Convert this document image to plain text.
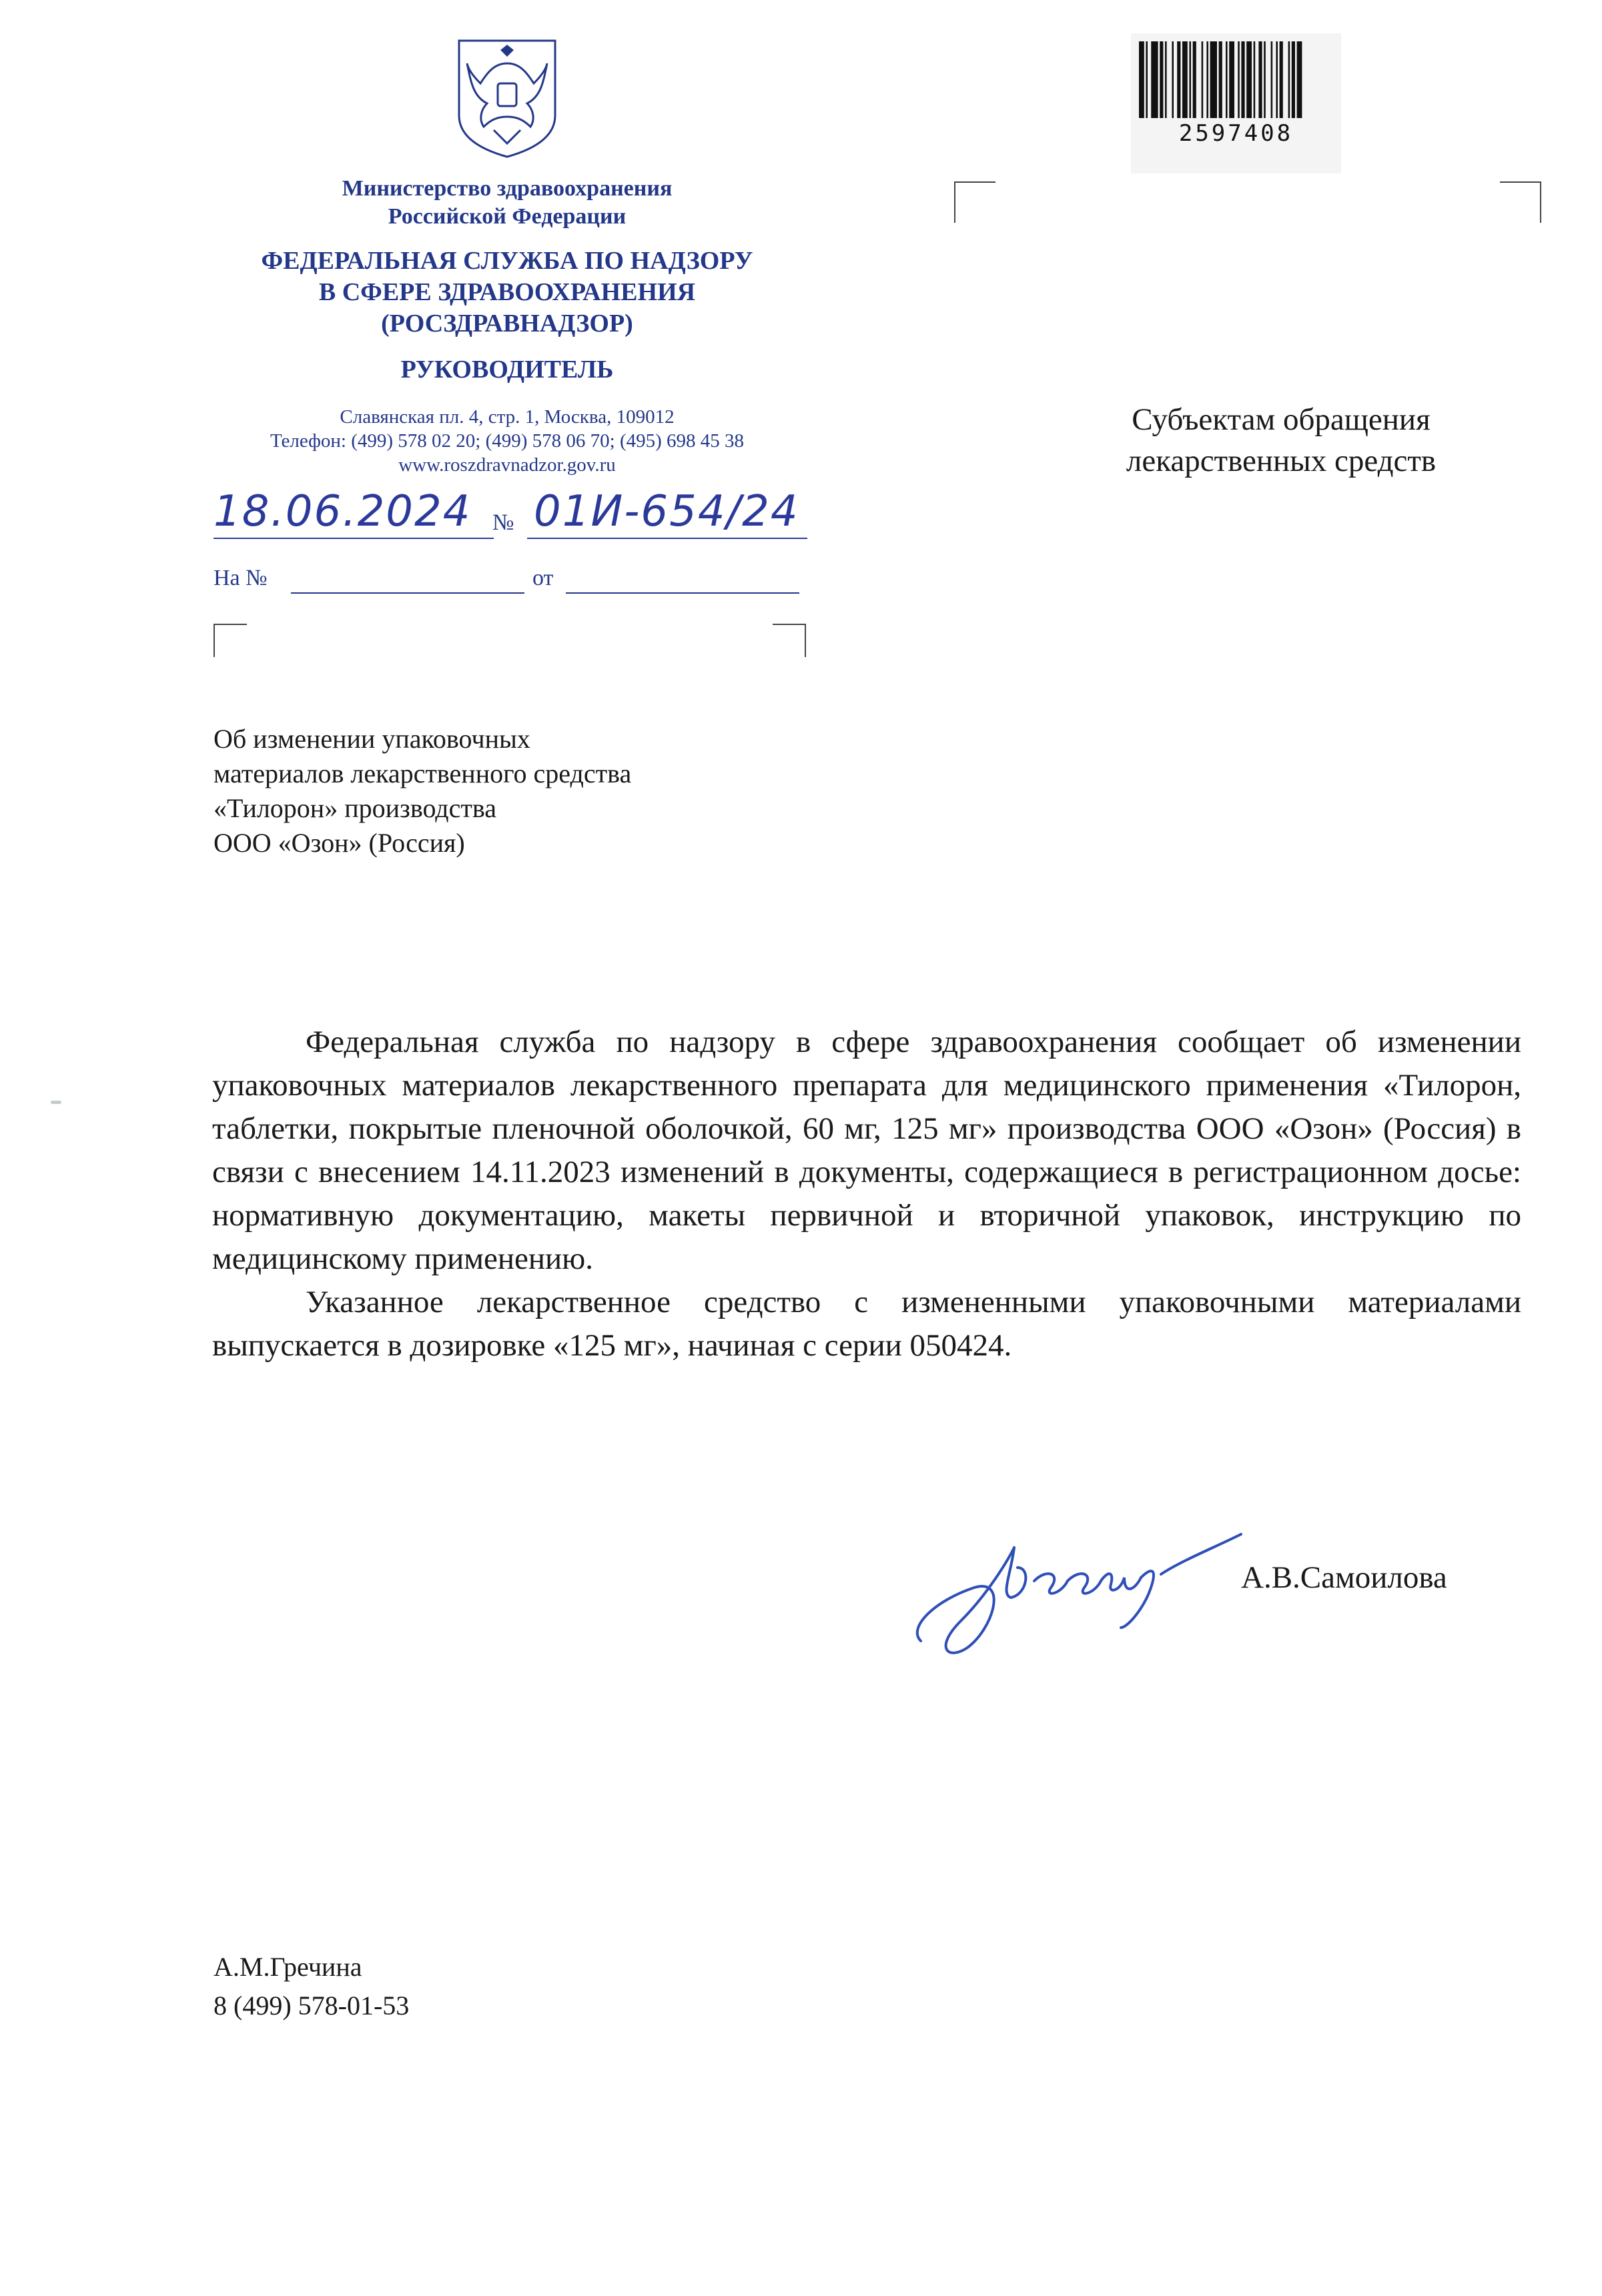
Министерство здравоохранения
Российской Федерации
ФЕДЕРАЛЬНАЯ СЛУЖБА ПО НАДЗОРУ
В СФЕРЕ ЗДРАВООХРАНЕНИЯ
(РОСЗДРАВНАДЗОР)
РУКОВОДИТЕЛЬ
Славянская пл. 4, стр. 1, Москва, 109012
Телефон: (499) 578 02 20; (499) 578 06 70; (495) 698 45 38
www.roszdravnadzor.gov.ru
18.06.2024 № 01И-654/24
На №	от
2597408
Субъектам обращения
лекарственных средств
Об изменении упаковочных
материалов лекарственного средства
«Тилорон» производства
ООО «Озон» (Россия)

Федеральная служба по надзору в сфере здравоохранения сообщает об изменении упаковочных материалов лекарственного препарата для медицинского применения «Тилорон, таблетки, покрытые пленочной оболочкой, 60 мг, 125 мг» производства ООО «Озон» (Россия) в связи с внесением 14.11.2023 изменений в документы, содержащиеся в регистрационном досье: нормативную документацию, макеты первичной и вторичной упаковок, инструкцию по медицинскому применению.

Указанное лекарственное средство с измененными упаковочными материалами выпускается в дозировке «125 мг», начиная с серии 050424.

А.В.Самоилова
А.М.Гречина
8 (499) 578-01-53
